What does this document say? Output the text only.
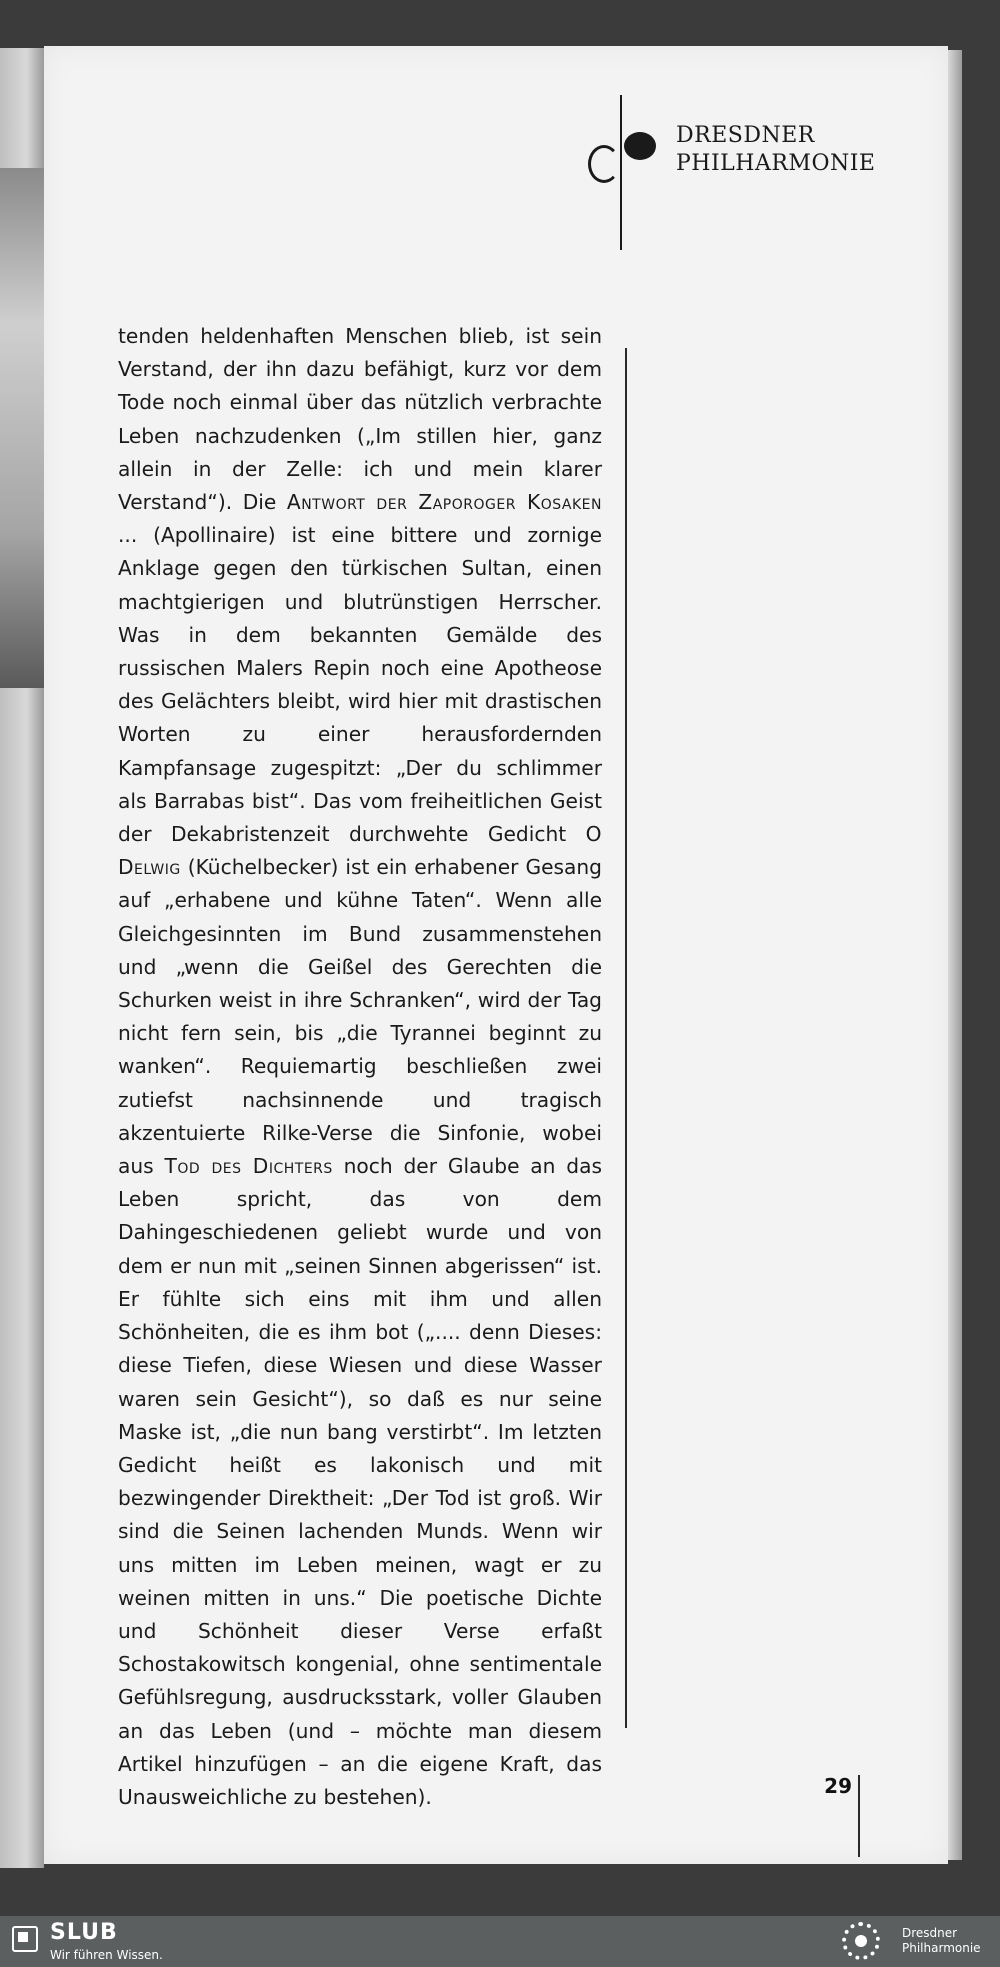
DRESDNER
PHILHARMONIE

tenden heldenhaften Menschen blieb, ist sein Verstand, der ihn dazu befähigt, kurz vor dem Tode noch einmal über das nützlich verbrachte Leben nachzudenken („Im stillen hier, ganz allein in der Zelle: ich und mein klarer Verstand“). Die Antwort der Zaporoger Kosaken ... (Apollinaire) ist eine bittere und zornige Anklage gegen den türkischen Sultan, einen machtgierigen und blutrünstigen Herrscher. Was in dem bekannten Gemälde des russischen Malers Repin noch eine Apotheose des Gelächters bleibt, wird hier mit drastischen Worten zu einer herausfordernden Kampfansage zugespitzt: „Der du schlimmer als Barrabas bist“. Das vom freiheitlichen Geist der Dekabristenzeit durchwehte Gedicht O Delwig (Küchelbecker) ist ein erhabener Gesang auf „erhabene und kühne Taten“. Wenn alle Gleichgesinnten im Bund zusammenstehen und „wenn die Geißel des Gerechten die Schurken weist in ihre Schranken“, wird der Tag nicht fern sein, bis „die Tyrannei beginnt zu wanken“. Requiemartig beschließen zwei zutiefst nachsinnende und tragisch akzentuierte Rilke-Verse die Sinfonie, wobei aus Tod des Dichters noch der Glaube an das Leben spricht, das von dem Dahingeschiedenen geliebt wurde und von dem er nun mit „seinen Sinnen abgerissen“ ist. Er fühlte sich eins mit ihm und allen Schönheiten, die es ihm bot („.... denn Dieses: diese Tiefen, diese Wiesen und diese Wasser waren sein Gesicht“), so daß es nur seine Maske ist, „die nun bang verstirbt“. Im letzten Gedicht heißt es lakonisch und mit bezwingender Direktheit: „Der Tod ist groß. Wir sind die Seinen lachenden Munds. Wenn wir uns mitten im Leben meinen, wagt er zu weinen mitten in uns.“ Die poetische Dichte und Schönheit dieser Verse erfaßt Schostakowitsch kongenial, ohne sentimentale Gefühlsregung, ausdrucksstark, voller Glauben an das Leben (und – möchte man diesem Artikel hinzufügen – an die eigene Kraft, das Unausweichliche zu bestehen).	29
SLUB
Wir führen Wissen.
Dresdner
Philharmonie
